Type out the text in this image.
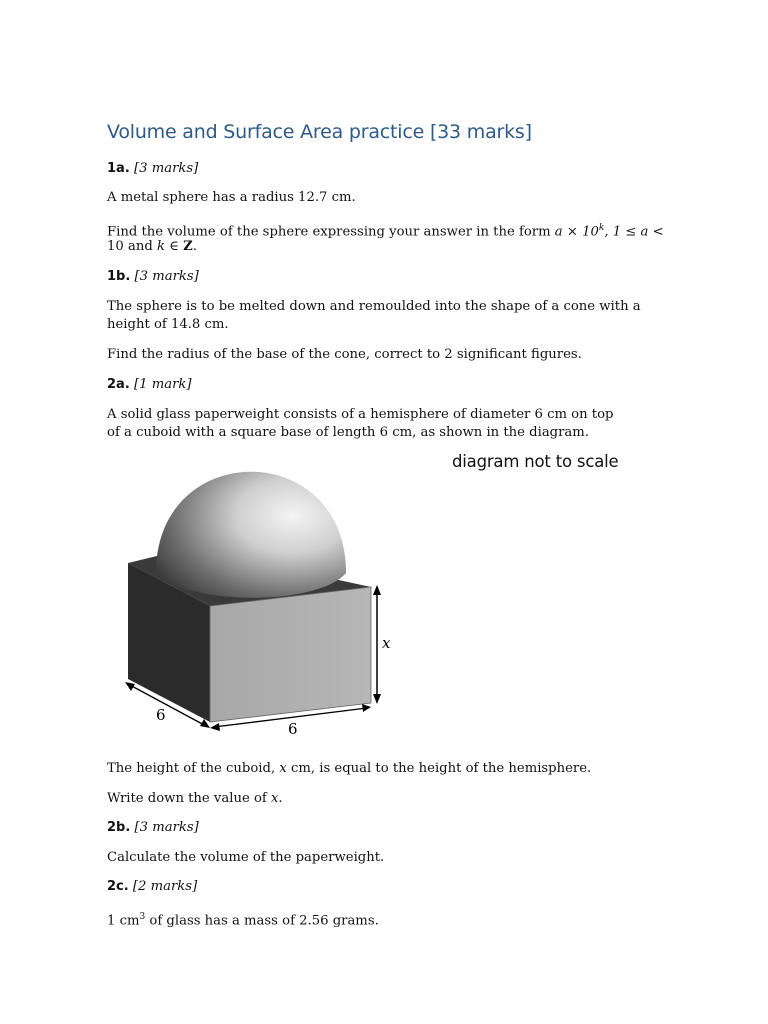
Volume and Surface Area practice [33 marks]
1a. [3 marks]
A metal sphere has a radius 12.7 cm.
Find the volume of the sphere expressing your answer in the form $a \times 10^k$, 1 ≤ a <
10 and k ∈ Z.
1b. [3 marks]
The sphere is to be melted down and remoulded into the shape of a cone with a height of 14.8 cm.
Find the radius of the base of the cone, correct to 2 significant figures.
2a. [1 mark]
A solid glass paperweight consists of a hemisphere of diameter 6 cm on top of a cuboid with a square base of length 6 cm, as shown in the diagram.
diagram not to scale
x
6
6
The height of the cuboid, x cm, is equal to the height of the hemisphere.
Write down the value of x.
2b. [3 marks]
Calculate the volume of the paperweight.
2c. [2 marks]
1 $cm^3$ of glass has a mass of 2.56 grams.
